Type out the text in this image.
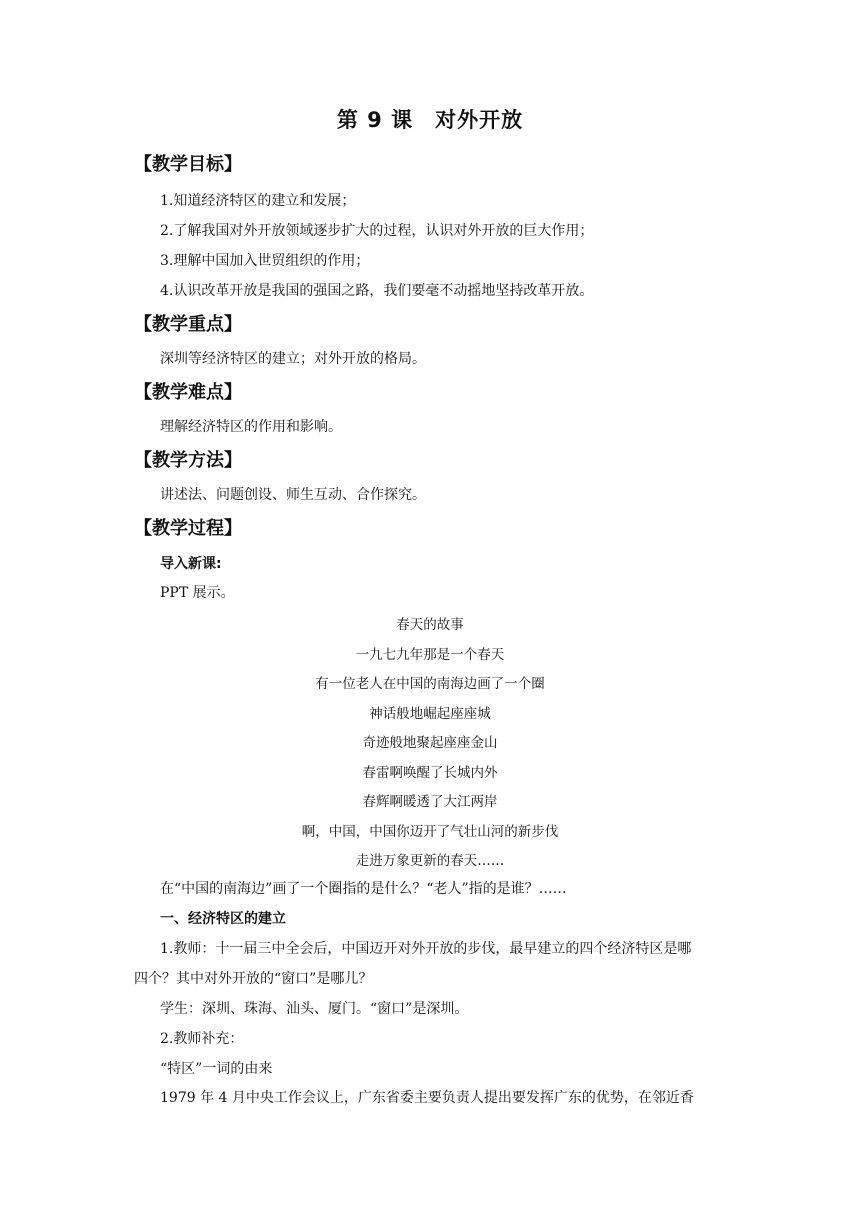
第 9 课　对外开放
【教学目标】
1.知道经济特区的建立和发展；
2.了解我国对外开放领域逐步扩大的过程，认识对外开放的巨大作用；
3.理解中国加入世贸组织的作用；
4.认识改革开放是我国的强国之路，我们要毫不动摇地坚持改革开放。
【教学重点】
深圳等经济特区的建立；对外开放的格局。
【教学难点】
理解经济特区的作用和影响。
【教学方法】
讲述法、问题创设、师生互动、合作探究。
【教学过程】
导入新课:
PPT 展示。
春天的故事
一九七九年那是一个春天
有一位老人在中国的南海边画了一个圈
神话般地崛起座座城
奇迹般地聚起座座金山
春雷啊唤醒了长城内外
春辉啊暖透了大江两岸
啊，中国，中国你迈开了气壮山河的新步伐
走进万象更新的春天……
在“中国的南海边”画了一个圈指的是什么？“老人”指的是谁？……
一、经济特区的建立
1.教师：十一届三中全会后，中国迈开对外开放的步伐，最早建立的四个经济特区是哪
四个？其中对外开放的“窗口”是哪儿？
学生：深圳、珠海、汕头、厦门。“窗口”是深圳。
2.教师补充：
“特区”一词的由来
1979 年 4 月中央工作会议上，广东省委主要负责人提出要发挥广东的优势，在邻近香
